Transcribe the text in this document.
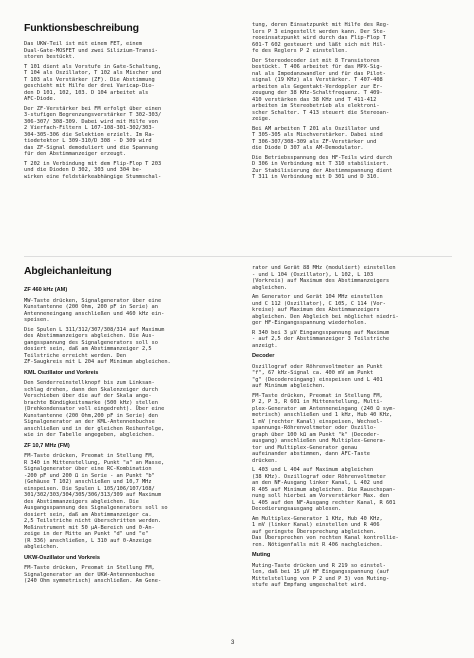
Funktionsbeschreibung

Das UKW-Teil ist mit einem FET, einem
Dual-Gate-MOSFET und zwei Silizium-Transi-
storen bestückt.

T 101 dient als Vorstufe in Gate-Schaltung,
T 104 als Oszillator, T 102 als Mischer und
T 103 als Verstärker (ZF). Die Abstimmung
geschieht mit Hilfe der drei Varicap-Dio-
den D 101, 102, 103. D 104 arbeitet als
AFC-Diode.

Der ZF-Verstärker bei FM erfolgt über einen
3-stufigen Begrenzungsverstärker T 302-303/
306-307/ 308-309. Dabei wird mit Hilfe von
2 Vierfach-Filtern L 107-108-301-302/303-
304-305-306 die Selektion erzielt. Im Ra-
tiodetektor L 309-310/D 308 - D 309 wird
das ZF-Signal demoduliert und die Spannung
für den Abstimmanzeiger erzeugt.

T 202 in Verbindung mit dem Flip-Flop T 203
und die Dioden D 302, 303 und 304 be-
wirken eine feldstärkeabhängige Stummschal-

tung, deren Einsatzpunkt mit Hilfe des Reg-
lers P 3 eingestellt werden kann. Der Ste-
reoeinsatzpunkt wird durch das Flip-Flop T
601-T 602 gesteuert und läßt sich mit Hil-
fe des Reglers P 2 einstellen.

Der Stereodecoder ist mit 8 Transistoren
bestückt. T 406 arbeitet für das MPX-Sig-
nal als Impedanzwandler und für das Pilot-
signal (19 KHz) als Verstärker. T 407-408
arbeiten als Gegentakt-Verdoppler zur Er-
zeugung der 38 KHz-Schaltfrequenz. T 409-
410 verstärken das 38 KHz und T 411-412
arbeiten im Stereobetrieb als elektroni-
scher Schalter. T 413 steuert die Stereoan-
zeige.

Bei AM arbeiten T 201 als Oszillator und
T 305-305 als Mischverstärker. Dabei sind
T 306-307/308-309 als ZF-Verstärker und
die Diode D 307 als AM-Demodulator.

Die Betriebsspannung des HF-Teils wird durch
D 306 in Verbindung mit T 310 stabilisiert.
Zur Stabilisierung der Abstimmspannung dient
T 311 in Verbindung mit D 301 und D 310.

Abgleichanleitung
ZF 460 kHz (AM)

MW-Taste drücken, Signalgenerator über eine
Kunstantenne (200 Ohm, 200 pF in Serie) an
Antenneneingang anschließen und 460 kHz ein-
speisen.

Die Spulen L 311/312/307/308/314 auf Maximum
des Abstimmanzeigers abgleichen. Die Aus-
gangsspannung des Signalgenerators soll so
dosiert sein, daß am Abstimmanzeiger 2,5
Teilstriche erreicht werden. Den
ZF-Saugkreis mit L 204 auf Minimum abgleichen.

KML Oszillator und Vorkreis

Den Senderreinstellknopf bis zum Linksan-
schlag drehen, dann den Skalenzeiger durch
Verschieben über die auf der Skala ange-
brachte Bündigkeitsmarke (500 kHz) stellen
(Drehkondensator voll eingedreht). Über eine
Kunstantenne (200 Ohm,200 pF in Serie) den
Signalgenerator an der KML-Antennenbuchse
anschließen und in der gleichen Reihenfolge,
wie in der Tabelle angegeben, abgleichen.

ZF 10,7 MHz (FM)

FM-Taste drücken, Preomat in Stellung FM,
R 340 in Mittenstellung, Punkt "a" an Masse,
Signalgenerator über eine RC-Kombination
-200 pF und 200 Ω in Serie - an Punkt "b"
(Gehäuse T 102) anschließen und 10,7 MHz
einspeisen. Die Spulen L 105/106/107/108/
301/302/303/304/305/306/313/309 auf Maximum
des Abstimmanzeigers abgleichen. Die
Ausgangsspannung des Signalgenerators soll so
dosiert sein, daß am Abstimmanzeiger ca.
2,5 Teilstriche nicht überschritten werden.
Meßinstrument mit 50 µA-Bereich und 0-An-
zeige in der Mitte an Punkt "d" und "e"
(R 336) anschließen, L 310 auf 0-Anzeige
abgleichen.

UKW-Oszillator und Vorkreis

FM-Taste drücken, Preomat in Stellung FM,
Signalgenerator an der UKW-Antennenbuchse
(240 Ohm symmetrisch) anschließen. Am Gene-

rator und Gerät 88 MHz (moduliert) einstellen
- und L 104 (Oszillator), L 102, L 103
(Vorkreis) auf Maximum des Abstimmanzeigers
abgleichen.

Am Generator und Gerät 104 MHz einstellen
und C 112 (Oszillator), C 105, C 114 (Vor-
kreise) auf Maximum des Abstimmanzeigers
abgleichen. Den Abgleich bei möglichst niedri-
ger HF-Eingangsspannung wiederholen.

R 340 bei 3 µV Eingangsspannung auf Maximum
- auf 2,5 der Abstimmanzeiger 3 Teilstriche
anzeigt.

Decoder

Oszillograf oder Röhrenvoltmeter an Punkt
"f", 67 kHz-Signal ca. 400 mV am Punkt
"g" (Decodereingang) einspeisen und L 401
auf Minimum abgleichen.

FM-Taste drücken, Preomat in Stellung FM,
P 2, P 3, R 601 in Mittenstellung, Multi-
plex-Generator am Antenneneingang (240 Ω sym-
metrisch) anschließen und 1 kHz, Hub 40 KHz,
1 mV (rechter Kanal) einspeisen, Wechsel-
spannungs-Röhrenvoltmeter oder Oszillo-
graph über 100 kΩ am Punkt "k" (Decoder-
ausgang) anschließen und Multiplex-Genera-
tor und Multiplex-Generator genau
aufeinander abstimmen, dann AFC-Taste
drücken.

L 403 und L 404 auf Maximum abgleichen
(38 KHz). Oszillograf oder Röhrenvoltmeter
an den NF-Ausgang linker Kanal, L 402 und
R 405 auf Minimum abgleichen. Die Rauschspan-
nung soll hierbei am Vorverstärker Max. den
L 405 auf den NF-Ausgang rechter Kanal, R 601
Decodierungsausgang ablesen.

Am Multiplex-Generator 1 KHz, Hub 40 KHz,
1 mV (linker Kanal) einstellen und R 406
auf geringste Übersprechung abgleichen.
Das Übersprechen von rechten Kanal kontrollie-
ren. Nötigenfalls mit R 406 nachgleichen.

Muting

Muting-Taste drücken und R 219 so einstel-
len, daß bei 15 µV HF Eingangsspannung (auf
Mittelstellung von P 2 und P 3) von Muting-
stufe auf Empfang umgeschaltet wird.

3
